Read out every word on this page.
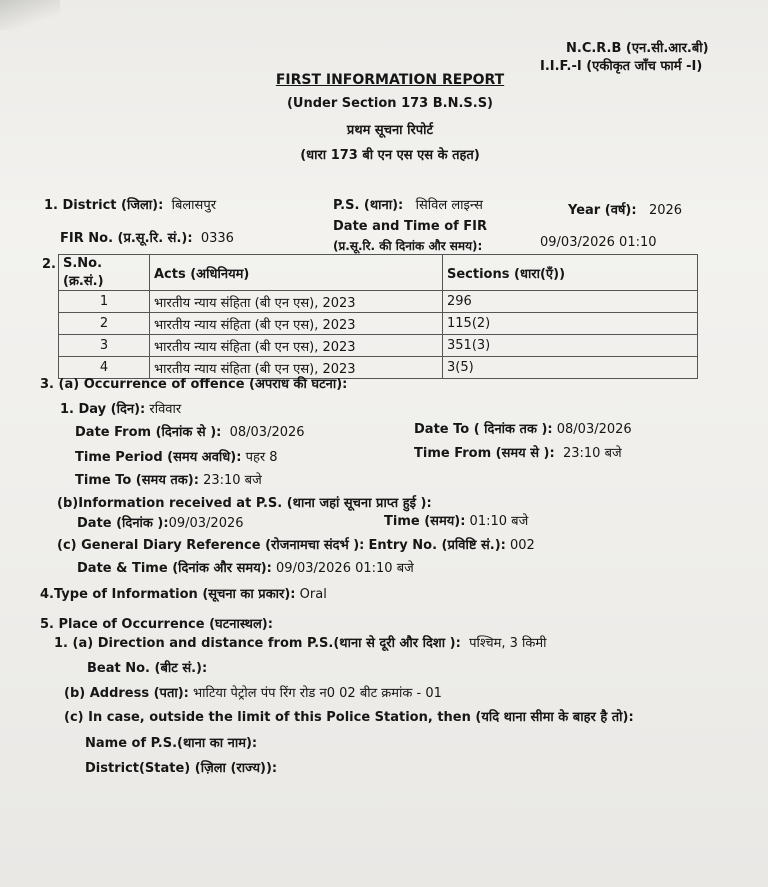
N.C.R.B (एन.सी.आर.बी)
I.I.F.-I (एकीकृत जाँच फार्म -I)
FIRST INFORMATION REPORT
(Under Section 173 B.N.S.S)
प्रथम सूचना रिपोर्ट
(धारा 173 बी एन एस एस के तहत)
1. District (जिला): बिलासपुर	P.S. (थाना): सिविल लाइन्स	Year (वर्ष): 2026
FIR No. (प्र.सू.रि. सं.): 0336
Date and Time of FIR
(प्र.सू.रि. की दिनांक और समय):	09/03/2026 01:10
2. S.No. (क्र.सं.)	Acts (अधिनियम)	Sections (धारा(एँ))
1	भारतीय न्याय संहिता (बी एन एस), 2023	296
2	भारतीय न्याय संहिता (बी एन एस), 2023	115(2)
3	भारतीय न्याय संहिता (बी एन एस), 2023	351(3)
4	भारतीय न्याय संहिता (बी एन एस), 2023	3(5)
3. (a) Occurrence of offence (अपराध की घटना):
1. Day (दिन): रविवार
Date From (दिनांक से ): 08/03/2026	Date To ( दिनांक तक ): 08/03/2026
Time Period (समय अवधि): पहर 8	Time From (समय से ): 23:10 बजे
Time To (समय तक): 23:10 बजे
(b)Information received at P.S. (थाना जहां सूचना प्राप्त हुई ):
Date (दिनांक ):09/03/2026	Time (समय): 01:10 बजे
(c) General Diary Reference (रोजनामचा संदर्भ ): Entry No. (प्रविष्टि सं.): 002
Date & Time (दिनांक और समय): 09/03/2026 01:10 बजे
4.Type of Information (सूचना का प्रकार): Oral
5. Place of Occurrence (घटनास्थल):
1. (a) Direction and distance from P.S.(थाना से दूरी और दिशा ): पश्चिम, 3 किमी
Beat No. (बीट सं.):
(b) Address (पता): भाटिया पेट्रोल पंप रिंग रोड न0 02 बीट क्रमांक - 01
(c) In case, outside the limit of this Police Station, then (यदि थाना सीमा के बाहर है तो):
Name of P.S.(थाना का नाम):
District(State) (ज़िला (राज्य)):
